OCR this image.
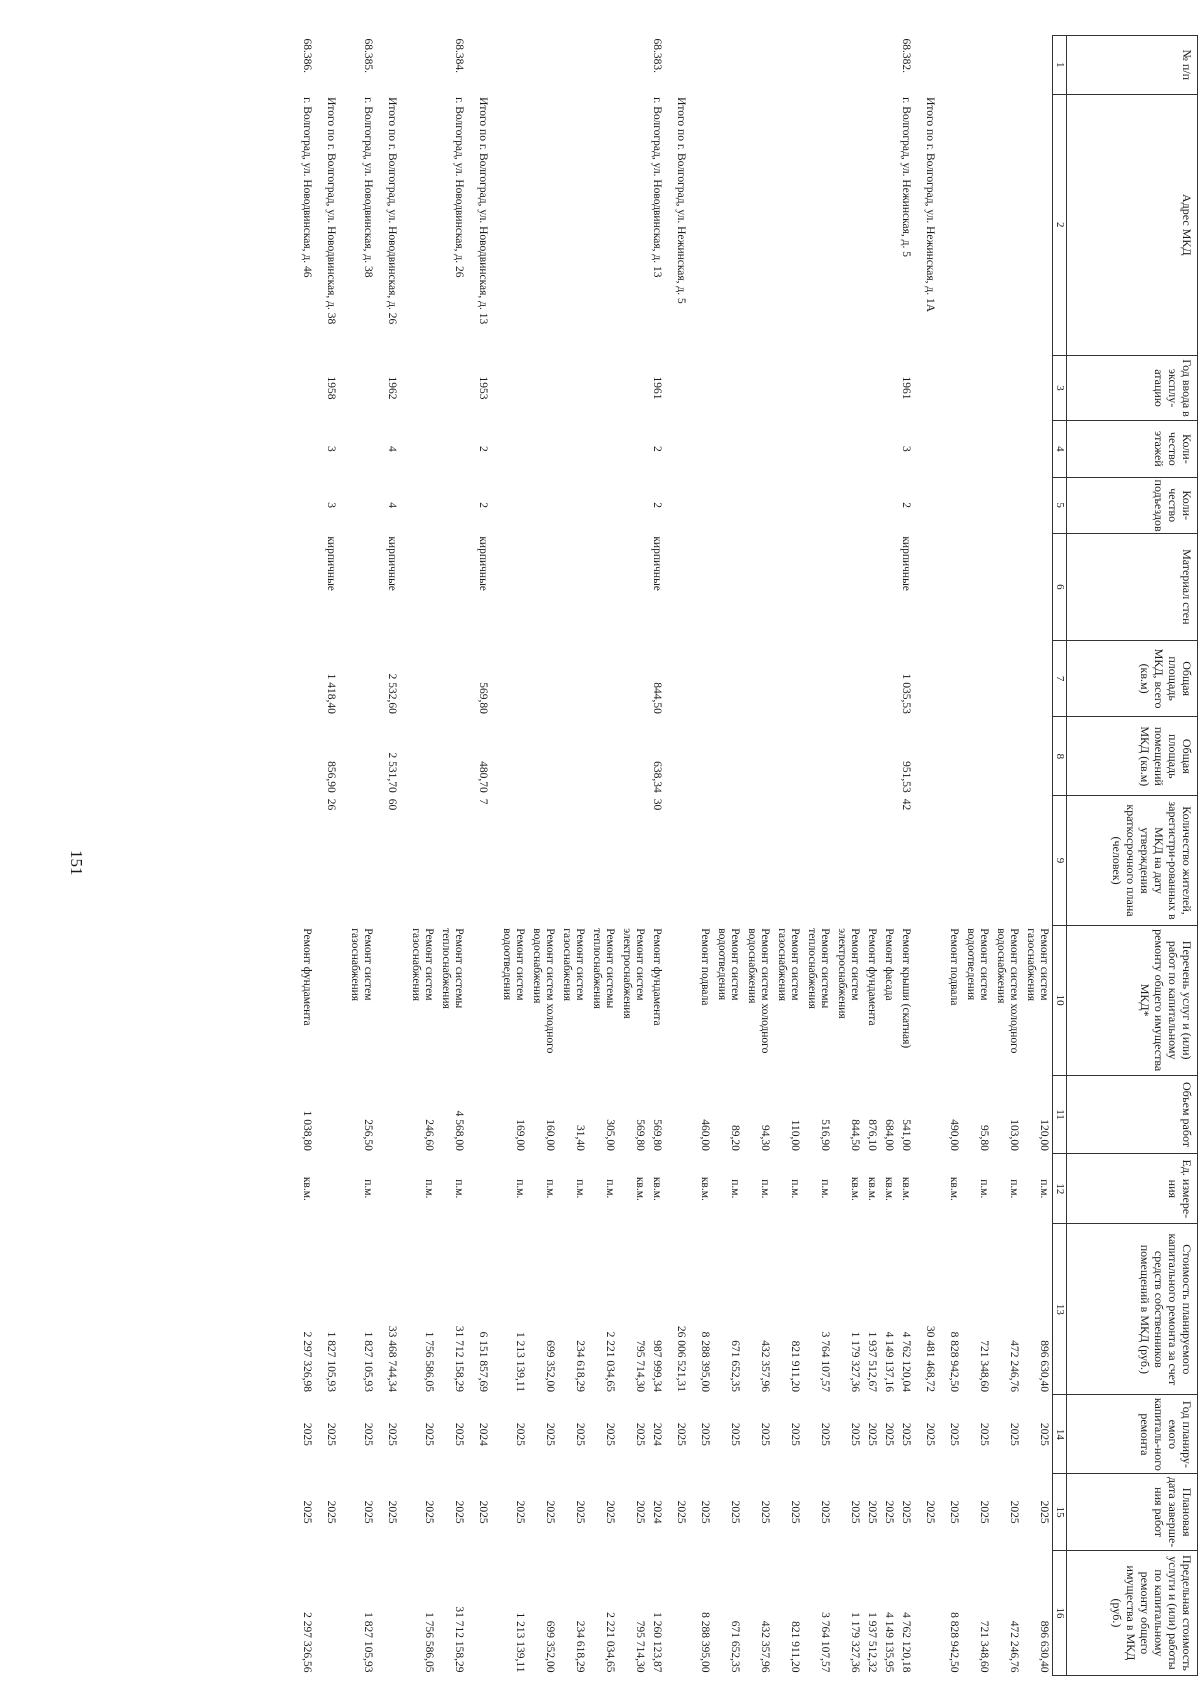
№ п/п	Адрес МКД	Год ввода в эксплу-атацию	Коли-чество этажей	Коли-чество подъездов	Материал стен	Общая площадь МКД, всего (кв.м)	Общая площадь помещений МКД (кв.м)	Количество жителей, зарегистри-рованных в МКД на дату утверждения краткосрочного плана (человек)	Перечень услуг и (или) работ по капитальному ремонту общего имущества МКД*	Объем работ	Ед. измере-ния	Стоимость планируемого капитального ремонта за счет средств собственников помещений в МКД (руб.)	Год планиру-емого капиталь-ного ремонта	Плановая дата заверше-ния работ	Предельная стоимость услуги и (или) работы по капитальному ремонту общего имущества в МКД (руб.)
1	2	3	4	5	6	7	8	9	10	11	12	13	14	15	16
									Ремонт систем газоснабжения	120,00	п.м.	896 630,40	2025	2025	896 630,40
									Ремонт систем холодного водоснабжения	103,00	п.м.	472 246,76	2025	2025	472 246,76
									Ремонт систем водоотведения	95,80	п.м.	721 348,60	2025	2025	721 348,60
									Ремонт подвала	490,00	кв.м.	8 828 942,50	2025	2025	8 828 942,50
	Итого по г. Волгоград, ул. Нежинская, д. 1А											30 481 468,72	2025	2025	
68.382.	г. Волгоград, ул. Нежинская, д. 5	1961	3	2	кирпичные	1 035,53	951,53	42	Ремонт крыши (скатная)	541,00	кв.м.	4 762 120,04	2025	2025	4 762 120,18
									Ремонт фасада	684,00	кв.м.	4 149 137,16	2025	2025	4 149 135,95
									Ремонт фундамента	876,10	кв.м.	1 937 512,67	2025	2025	1 937 512,32
									Ремонт систем электроснабжения	844,50	кв.м.	1 179 327,36	2025	2025	1 179 327,36
									Ремонт системы теплоснабжения	516,90	п.м.	3 764 107,57	2025	2025	3 764 107,57
									Ремонт систем газоснабжения	110,00	п.м.	821 911,20	2025	2025	821 911,20
									Ремонт систем холодного водоснабжения	94,30	п.м.	432 357,96	2025	2025	432 357,96
									Ремонт систем водоотведения	89,20	п.м.	671 652,35	2025	2025	671 652,35
									Ремонт подвала	460,00	кв.м.	8 288 395,00	2025	2025	8 288 395,00
	Итого по г. Волгоград, ул. Нежинская, д. 5											26 006 521,31	2025	2025	
68.383.	г. Волгоград, ул. Новодвинская, д. 13	1961	2	2	кирпичные	844,50	638,34	30	Ремонт фундамента	569,80	кв.м.	987 999,34	2024	2024	1 260 123,87
									Ремонт систем электроснабжения	569,80	кв.м.	795 714,30	2025	2025	795 714,30
									Ремонт системы теплоснабжения	305,00	п.м.	2 221 034,65	2025	2025	2 221 034,65
									Ремонт систем газоснабжения	31,40	п.м.	234 618,29	2025	2025	234 618,29
									Ремонт систем холодного водоснабжения	160,00	п.м.	699 352,00	2025	2025	699 352,00
									Ремонт систем водоотведения	169,00	п.м.	1 213 139,11	2025	2025	1 213 139,11
	Итого по г. Волгоград, ул. Новодвинская, д. 13	1953	2	2	кирпичные	569,80	480,70	7				6 151 857,69	2024	2025	
68.384.	г. Волгоград, ул. Новодвинская, д. 26								Ремонт системы теплоснабжения	4 568,00	п.м.	31 712 158,29	2025	2025	31 712 158,29
									Ремонт систем газоснабжения	246,60	п.м.	1 756 586,05	2025	2025	1 756 586,05
	Итого по г. Волгоград, ул. Новодвинская, д. 26	1962	4	4	кирпичные	2 532,60	2 531,70	60				33 468 744,34	2025	2025	
68.385.	г. Волгоград, ул. Новодвинская, д. 38								Ремонт систем газоснабжения	256,50	п.м.	1 827 105,93	2025	2025	1 827 105,93
	Итого по г. Волгоград, ул. Новодвинская, д. 38	1958	3	3	кирпичные	1 418,40	856,90	26				1 827 105,93	2025	2025	
68.386.	г. Волгоград, ул. Новодвинская, д. 46								Ремонт фундамента	1 038,80	кв.м.	2 297 326,98	2025	2025	2 297 326,56
151
